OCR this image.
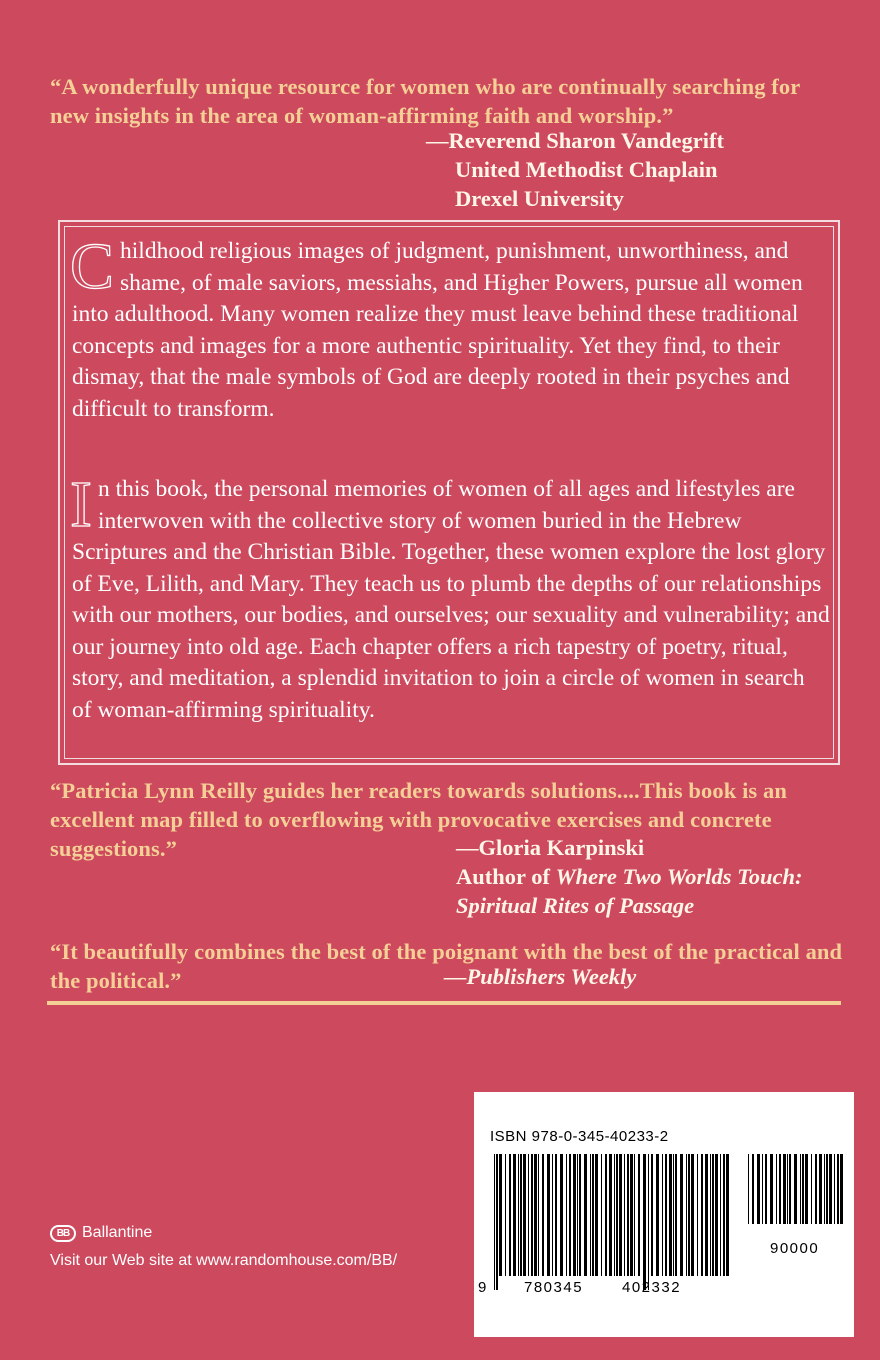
“A wonderfully unique resource for women who are continually searching for new insights in the area of woman-affirming faith and worship.”
—Reverend Sharon Vandegrift
United Methodist Chaplain
Drexel University

Childhood religious images of judgment, punishment, unworthiness, and shame, of male saviors, messiahs, and Higher Powers, pursue all women into adulthood. Many women realize they must leave behind these traditional concepts and images for a more authentic spirituality. Yet they find, to their dismay, that the male symbols of God are deeply rooted in their psyches and difficult to transform.

In this book, the personal memories of women of all ages and lifestyles are interwoven with the collective story of women buried in the Hebrew Scriptures and the Christian Bible. Together, these women explore the lost glory of Eve, Lilith, and Mary. They teach us to plumb the depths of our relationships with our mothers, our bodies, and ourselves; our sexuality and vulnerability; and our journey into old age. Each chapter offers a rich tapestry of poetry, ritual, story, and meditation, a splendid invitation to join a circle of women in search of woman-affirming spirituality.

“Patricia Lynn Reilly guides her readers towards solutions....This book is an excellent map filled to overflowing with provocative exercises and concrete suggestions.”	—Gloria Karpinski
Author of Where Two Worlds Touch:
Spiritual Rites of Passage
“It beautifully combines the best of the poignant with the best of the practical and the political.”	—Publishers Weekly
BB Ballantine
Visit our Web site at www.randomhouse.com/BB/
ISBN 978-0-345-40233-2
9 780345	402332
90000
